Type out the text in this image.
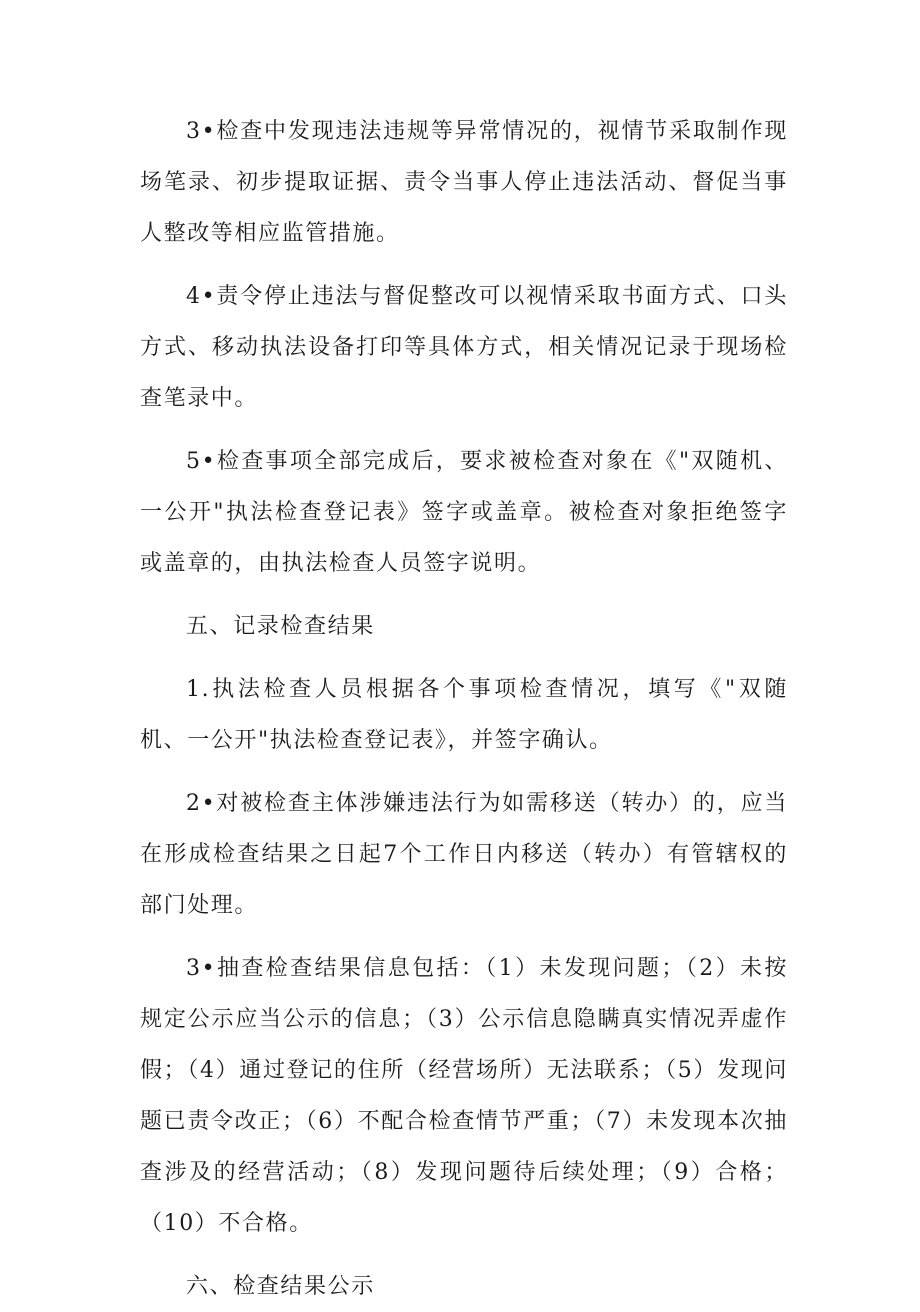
3•检查中发现违法违规等异常情况的，视情节采取制作现场笔录、初步提取证据、责令当事人停止违法活动、督促当事人整改等相应监管措施。

4•责令停止违法与督促整改可以视情采取书面方式、口头方式、移动执法设备打印等具体方式，相关情况记录于现场检查笔录中。

5•检查事项全部完成后，要求被检查对象在《"双随机、一公开"执法检查登记表》签字或盖章。被检查对象拒绝签字或盖章的，由执法检查人员签字说明。

五、记录检查结果

1.执法检查人员根据各个事项检查情况，填写《"双随机、一公开"执法检查登记表》，并签字确认。

2•对被检查主体涉嫌违法行为如需移送（转办）的，应当在形成检查结果之日起7个工作日内移送（转办）有管辖权的部门处理。

3•抽查检查结果信息包括：（1）未发现问题；（2）未按规定公示应当公示的信息；（3）公示信息隐瞒真实情况弄虚作假；（4）通过登记的住所（经营场所）无法联系；（5）发现问题已责令改正；（6）不配合检查情节严重；（7）未发现本次抽查涉及的经营活动；（8）发现问题待后续处理；（9）合格；（10）不合格。

六、检查结果公示
